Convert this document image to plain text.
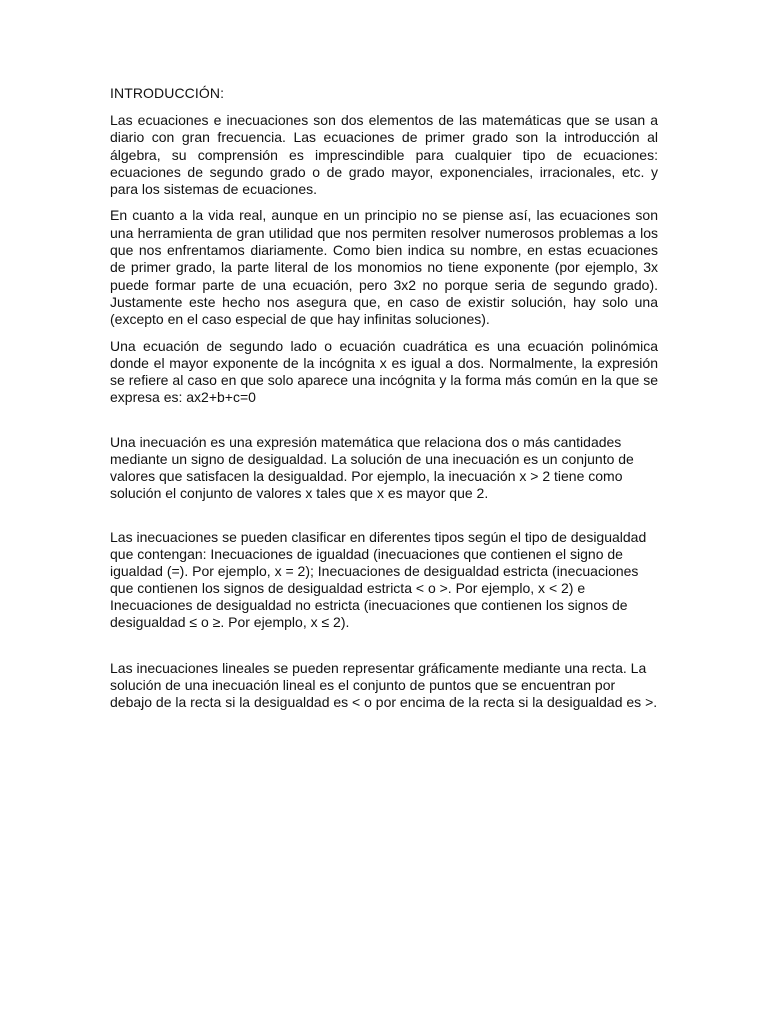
INTRODUCCIÓN:

Las ecuaciones e inecuaciones son dos elementos de las matemáticas que se usan a diario con gran frecuencia. Las ecuaciones de primer grado son la introducción al álgebra, su comprensión es imprescindible para cualquier tipo de ecuaciones: ecuaciones de segundo grado o de grado mayor, exponenciales, irracionales, etc. y para los sistemas de ecuaciones.

En cuanto a la vida real, aunque en un principio no se piense así, las ecuaciones son una herramienta de gran utilidad que nos permiten resolver numerosos problemas a los que nos enfrentamos diariamente. Como bien indica su nombre, en estas ecuaciones de primer grado, la parte literal de los monomios no tiene exponente (por ejemplo, 3x puede formar parte de una ecuación, pero 3x2 no porque seria de segundo grado). Justamente este hecho nos asegura que, en caso de existir solución, hay solo una (excepto en el caso especial de que hay infinitas soluciones).

Una ecuación de segundo lado o ecuación cuadrática es una ecuación polinómica donde el mayor exponente de la incógnita x es igual a dos. Normalmente, la expresión se refiere al caso en que solo aparece una incógnita y la forma más común en la que se expresa es: ax2+b+c=0

Una inecuación es una expresión matemática que relaciona dos o más cantidades mediante un signo de desigualdad. La solución de una inecuación es un conjunto de valores que satisfacen la desigualdad. Por ejemplo, la inecuación x > 2 tiene como solución el conjunto de valores x tales que x es mayor que 2.

Las inecuaciones se pueden clasificar en diferentes tipos según el tipo de desigualdad que contengan: Inecuaciones de igualdad (inecuaciones que contienen el signo de igualdad (=). Por ejemplo, x = 2); Inecuaciones de desigualdad estricta (inecuaciones que contienen los signos de desigualdad estricta < o >. Por ejemplo, x < 2) e Inecuaciones de desigualdad no estricta (inecuaciones que contienen los signos de desigualdad ≤ o ≥. Por ejemplo, x ≤ 2).

Las inecuaciones lineales se pueden representar gráficamente mediante una recta. La solución de una inecuación lineal es el conjunto de puntos que se encuentran por debajo de la recta si la desigualdad es < o por encima de la recta si la desigualdad es >.
